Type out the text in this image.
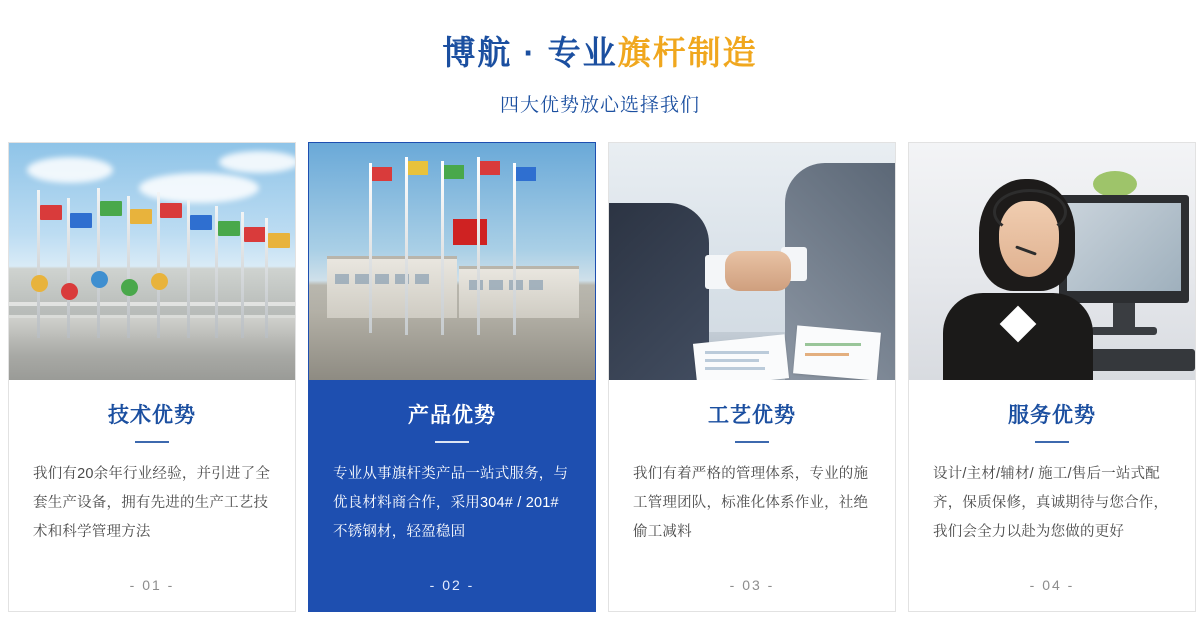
博航 · 专业旗杆制造
四大优势放心选择我们
技术优势
我们有20余年行业经验，并引进了全套生产设备，拥有先进的生产工艺技术和科学管理方法
- 01 -
产品优势
专业从事旗杆类产品一站式服务，与优良材料商合作，采用304# / 201#不锈钢材，轻盈稳固
- 02 -
工艺优势
我们有着严格的管理体系，专业的施工管理团队，标准化体系作业，社绝偷工减料
- 03 -
服务优势
设计/主材/辅材/ 施工/售后一站式配齐，保质保修，真诚期待与您合作，我们会全力以赴为您做的更好
- 04 -
